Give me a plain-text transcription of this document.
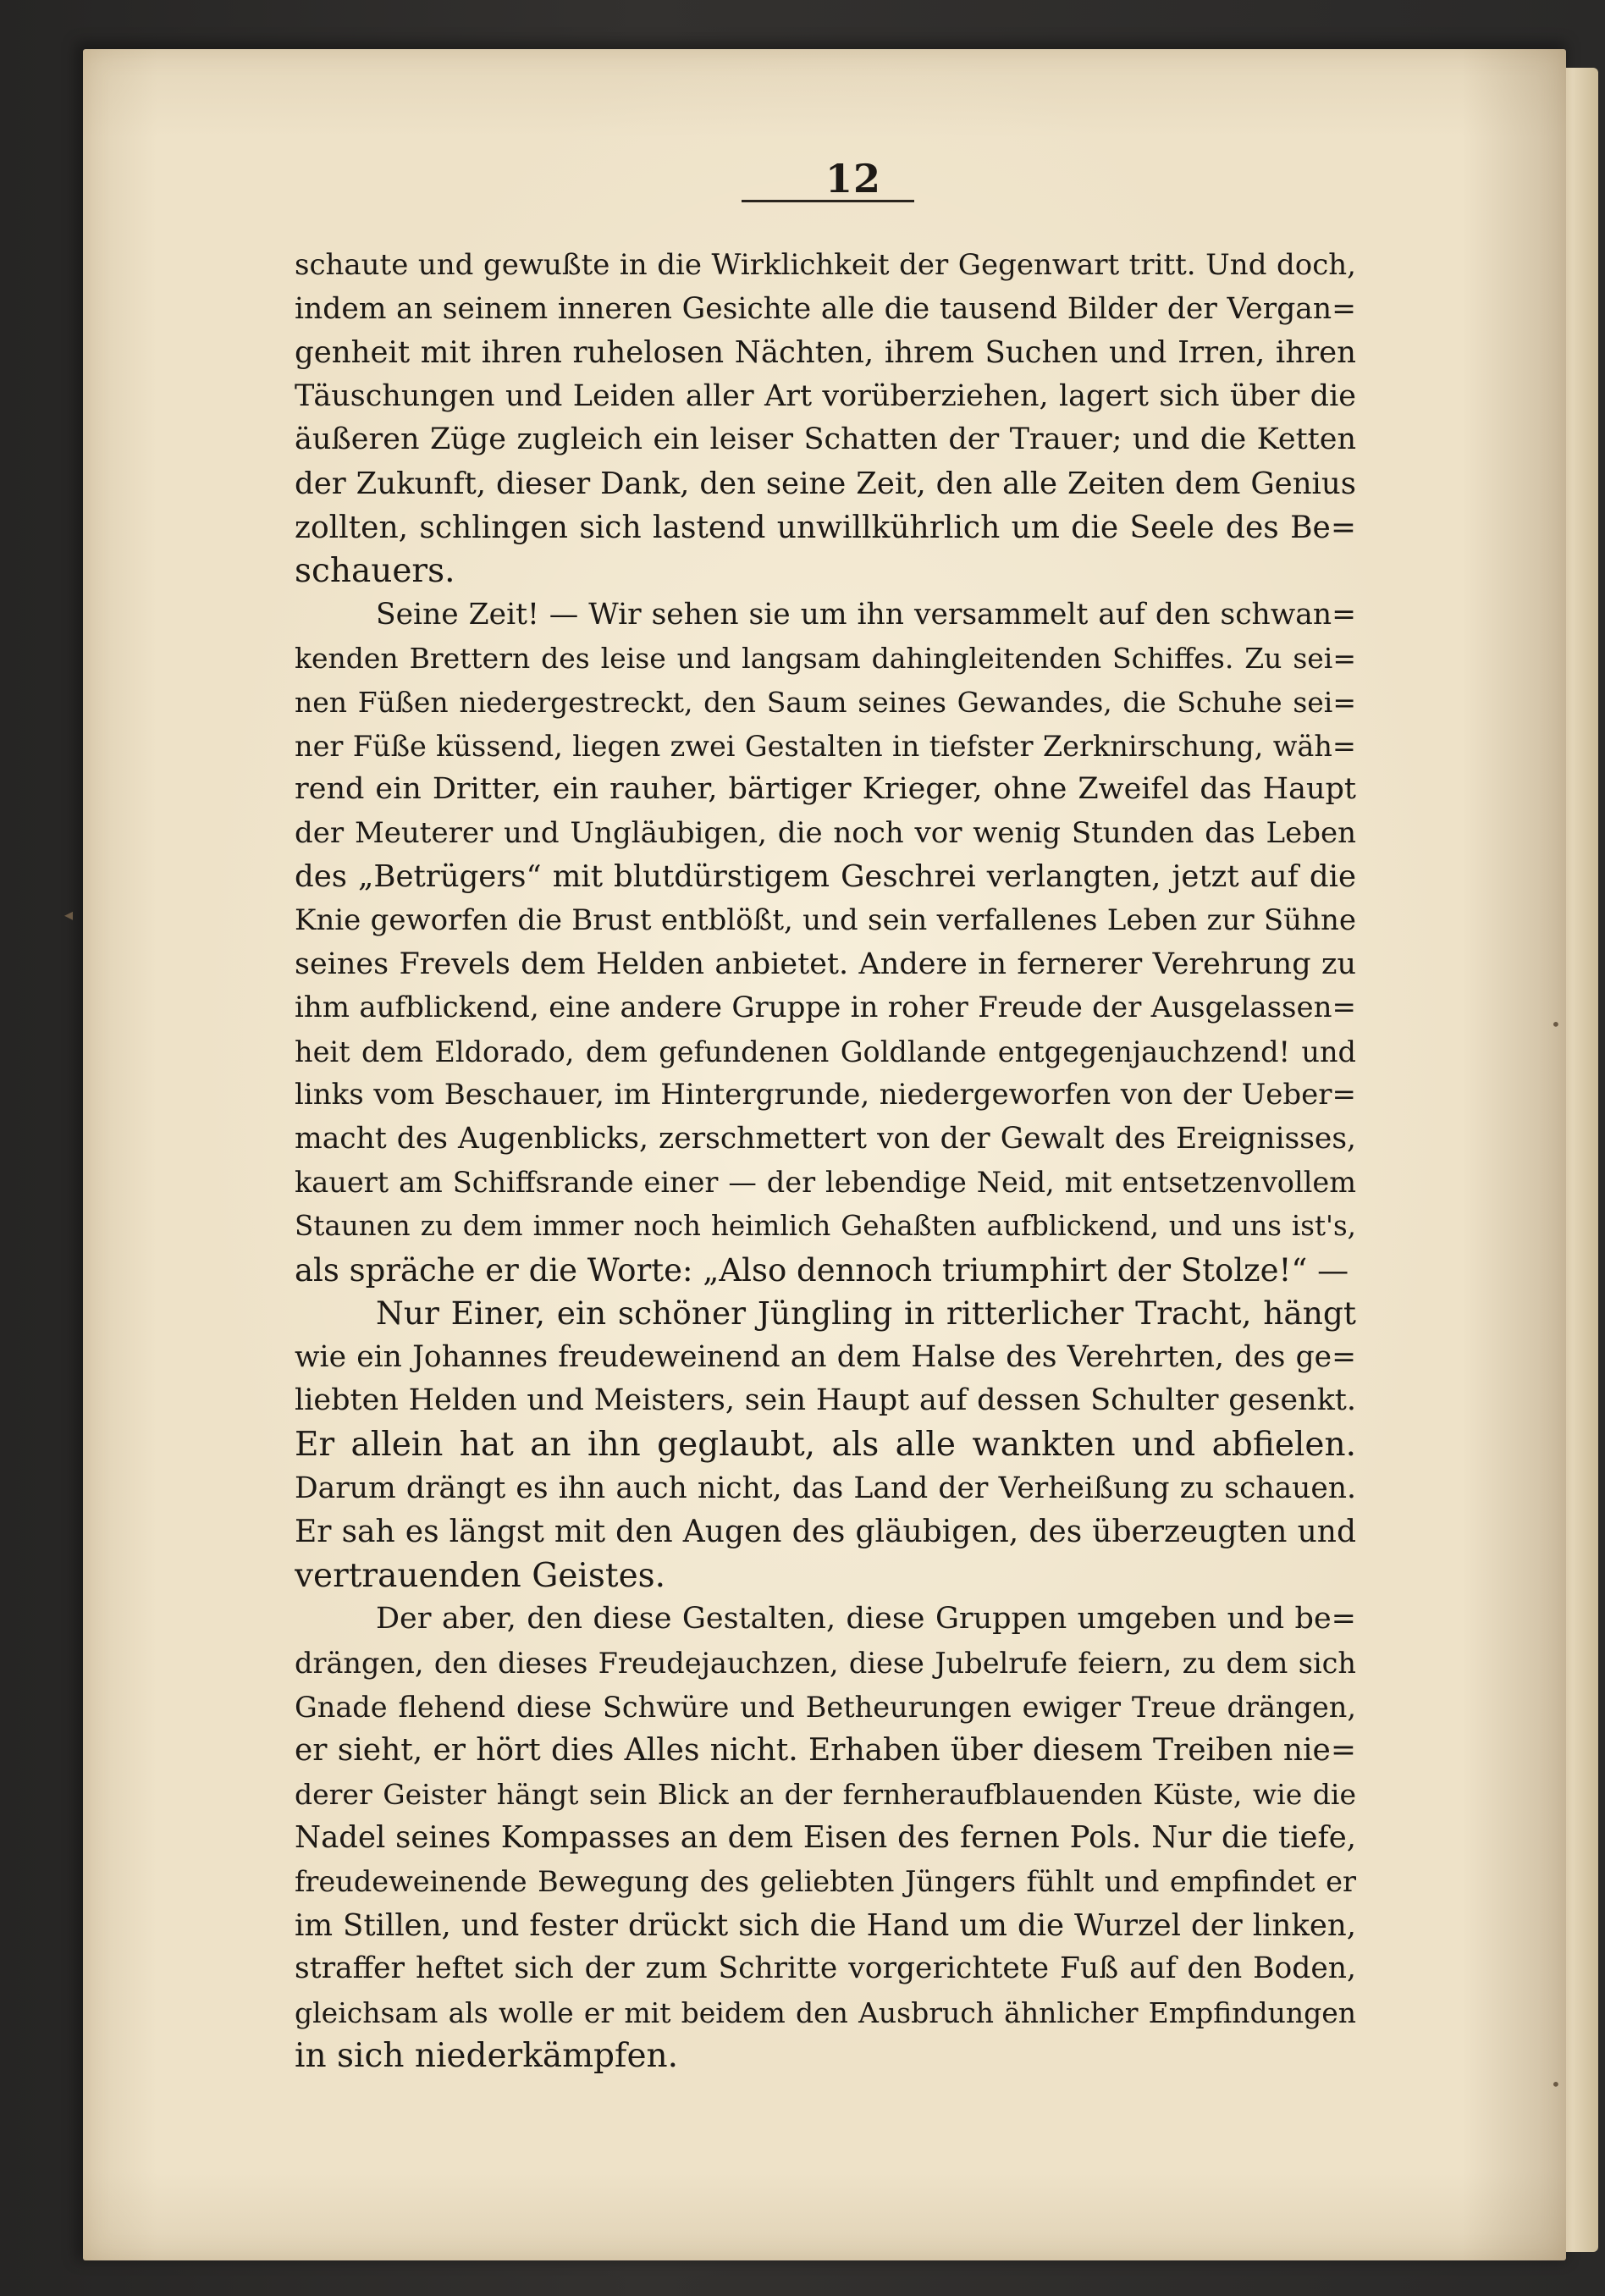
12
◂
•
•
schaute und gewußte in die Wirklichkeit der Gegenwart tritt. Und doch,
indem an seinem inneren Gesichte alle die tausend Bilder der Vergan=
genheit mit ihren ruhelosen Nächten, ihrem Suchen und Irren, ihren
Täuschungen und Leiden aller Art vorüberziehen, lagert sich über die
äußeren Züge zugleich ein leiser Schatten der Trauer; und die Ketten
der Zukunft, dieser Dank, den seine Zeit, den alle Zeiten dem Genius
zollten, schlingen sich lastend unwillkührlich um die Seele des Be=
schauers.
Seine Zeit! — Wir sehen sie um ihn versammelt auf den schwan=
kenden Brettern des leise und langsam dahingleitenden Schiffes. Zu sei=
nen Füßen niedergestreckt, den Saum seines Gewandes, die Schuhe sei=
ner Füße küssend, liegen zwei Gestalten in tiefster Zerknirschung, wäh=
rend ein Dritter, ein rauher, bärtiger Krieger, ohne Zweifel das Haupt
der Meuterer und Ungläubigen, die noch vor wenig Stunden das Leben
des „Betrügers“ mit blutdürstigem Geschrei verlangten, jetzt auf die
Knie geworfen die Brust entblößt, und sein verfallenes Leben zur Sühne
seines Frevels dem Helden anbietet. Andere in fernerer Verehrung zu
ihm aufblickend, eine andere Gruppe in roher Freude der Ausgelassen=
heit dem Eldorado, dem gefundenen Goldlande entgegenjauchzend! und
links vom Beschauer, im Hintergrunde, niedergeworfen von der Ueber=
macht des Augenblicks, zerschmettert von der Gewalt des Ereignisses,
kauert am Schiffsrande einer — der lebendige Neid, mit entsetzenvollem
Staunen zu dem immer noch heimlich Gehaßten aufblickend, und uns ist's,
als spräche er die Worte: „Also dennoch triumphirt der Stolze!“ —
Nur Einer, ein schöner Jüngling in ritterlicher Tracht, hängt
wie ein Johannes freudeweinend an dem Halse des Verehrten, des ge=
liebten Helden und Meisters, sein Haupt auf dessen Schulter gesenkt.
Er allein hat an ihn geglaubt, als alle wankten und abfielen.
Darum drängt es ihn auch nicht, das Land der Verheißung zu schauen.
Er sah es längst mit den Augen des gläubigen, des überzeugten und
vertrauenden Geistes.
Der aber, den diese Gestalten, diese Gruppen umgeben und be=
drängen, den dieses Freudejauchzen, diese Jubelrufe feiern, zu dem sich
Gnade flehend diese Schwüre und Betheurungen ewiger Treue drängen,
er sieht, er hört dies Alles nicht. Erhaben über diesem Treiben nie=
derer Geister hängt sein Blick an der fernheraufblauenden Küste, wie die
Nadel seines Kompasses an dem Eisen des fernen Pols. Nur die tiefe,
freudeweinende Bewegung des geliebten Jüngers fühlt und empfindet er
im Stillen, und fester drückt sich die Hand um die Wurzel der linken,
straffer heftet sich der zum Schritte vorgerichtete Fuß auf den Boden,
gleichsam als wolle er mit beidem den Ausbruch ähnlicher Empfindungen
in sich niederkämpfen.
